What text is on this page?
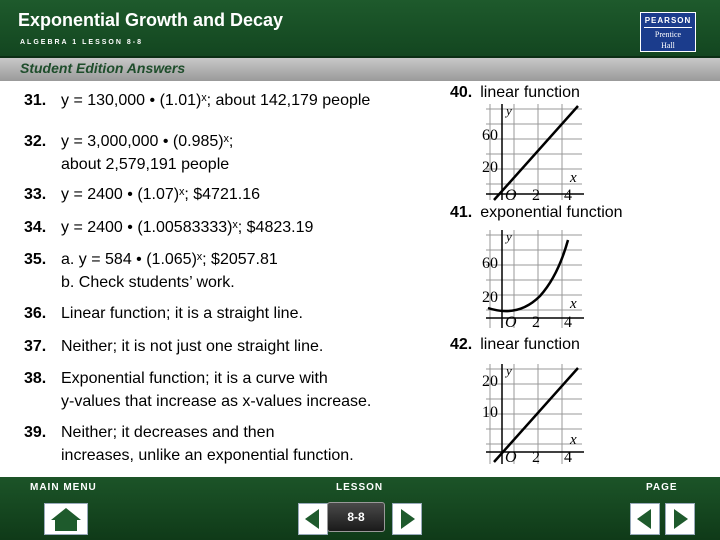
Exponential Growth and Decay
ALGEBRA 1 LESSON 8-8
PEARSON
Prentice
Hall
Student Edition Answers
31. y = 130,000 • (1.01)ˣ; about 142,179 people
32. y = 3,000,000 • (0.985)ˣ;
about 2,579,191 people
33. y = 2400 • (1.07)ˣ; $4721.16
34. y = 2400 • (1.00583333)ˣ; $4823.19
35. a. y = 584 • (1.065)ˣ; $2057.81
b. Check students’ work.
36. Linear function; it is a straight line.
37. Neither; it is not just one straight line.
38. Exponential function; it is a curve with
y-values that increase as x-values increase.
39. Neither; it decreases and then
increases, unlike an exponential function.
40. linear function
y
60
20
x
O 2 4
41. exponential function
y
60
20	x
O 2 4
42. linear function
y
20
10
x
O 2 4
MAIN MENU	LESSON	PAGE
8-8
